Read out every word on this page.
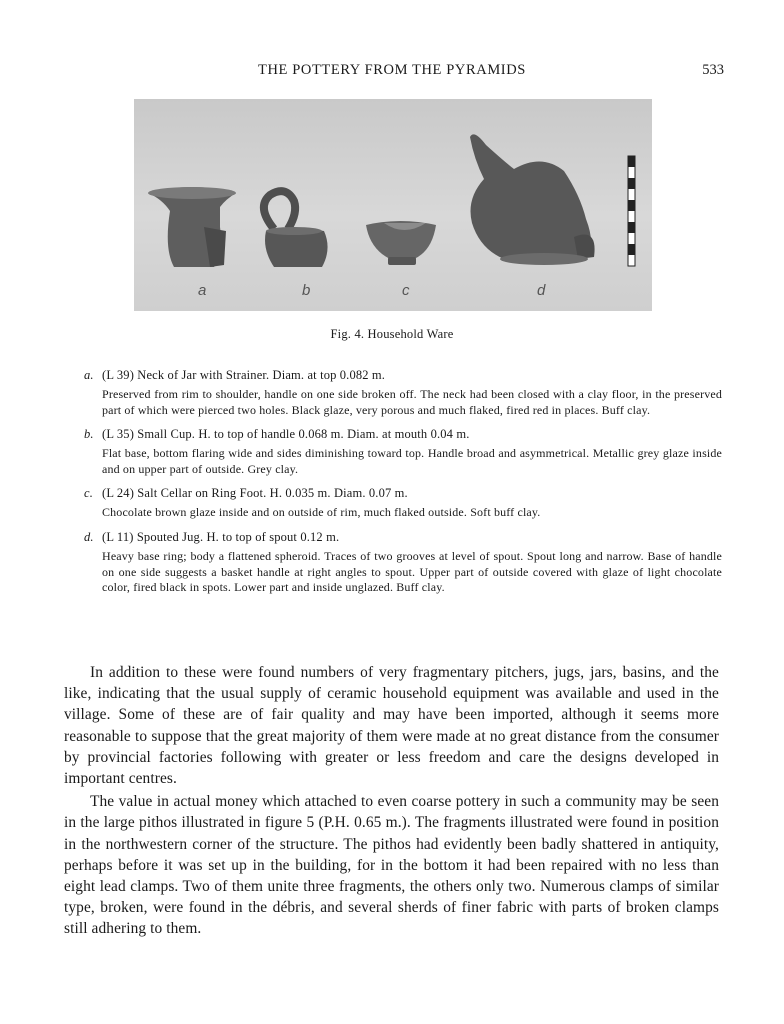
THE POTTERY FROM THE PYRAMIDS	533
a	b	c	d
Fig. 4. Household Ware
a. (L 39) Neck of Jar with Strainer. Diam. at top 0.082 m.
Preserved from rim to shoulder, handle on one side broken off. The neck had been closed with a clay floor, in the preserved part of which were pierced two holes. Black glaze, very porous and much flaked, fired red in places. Buff clay.
b. (L 35) Small Cup. H. to top of handle 0.068 m. Diam. at mouth 0.04 m.
Flat base, bottom flaring wide and sides diminishing toward top. Handle broad and asymmetrical. Metallic grey glaze inside and on upper part of outside. Grey clay.
c. (L 24) Salt Cellar on Ring Foot. H. 0.035 m. Diam. 0.07 m.
Chocolate brown glaze inside and on outside of rim, much flaked outside. Soft buff clay.
d. (L 11) Spouted Jug. H. to top of spout 0.12 m.
Heavy base ring; body a flattened spheroid. Traces of two grooves at level of spout. Spout long and narrow. Base of handle on one side suggests a basket handle at right angles to spout. Upper part of outside covered with glaze of light chocolate color, fired black in spots. Lower part and inside unglazed. Buff clay.

In addition to these were found numbers of very fragmentary pitchers, jugs, jars, basins, and the like, indicating that the usual supply of ceramic household equipment was available and used in the village. Some of these are of fair quality and may have been imported, although it seems more reasonable to suppose that the great majority of them were made at no great distance from the consumer by provincial factories following with greater or less freedom and care the designs developed in important centres.

The value in actual money which attached to even coarse pottery in such a community may be seen in the large pithos illustrated in figure 5 (P.H. 0.65 m.). The fragments illustrated were found in position in the northwestern corner of the structure. The pithos had evidently been badly shattered in antiquity, perhaps before it was set up in the building, for in the bottom it had been repaired with no less than eight lead clamps. Two of them unite three fragments, the others only two. Numerous clamps of similar type, broken, were found in the débris, and several sherds of finer fabric with parts of broken clamps still adhering to them.
